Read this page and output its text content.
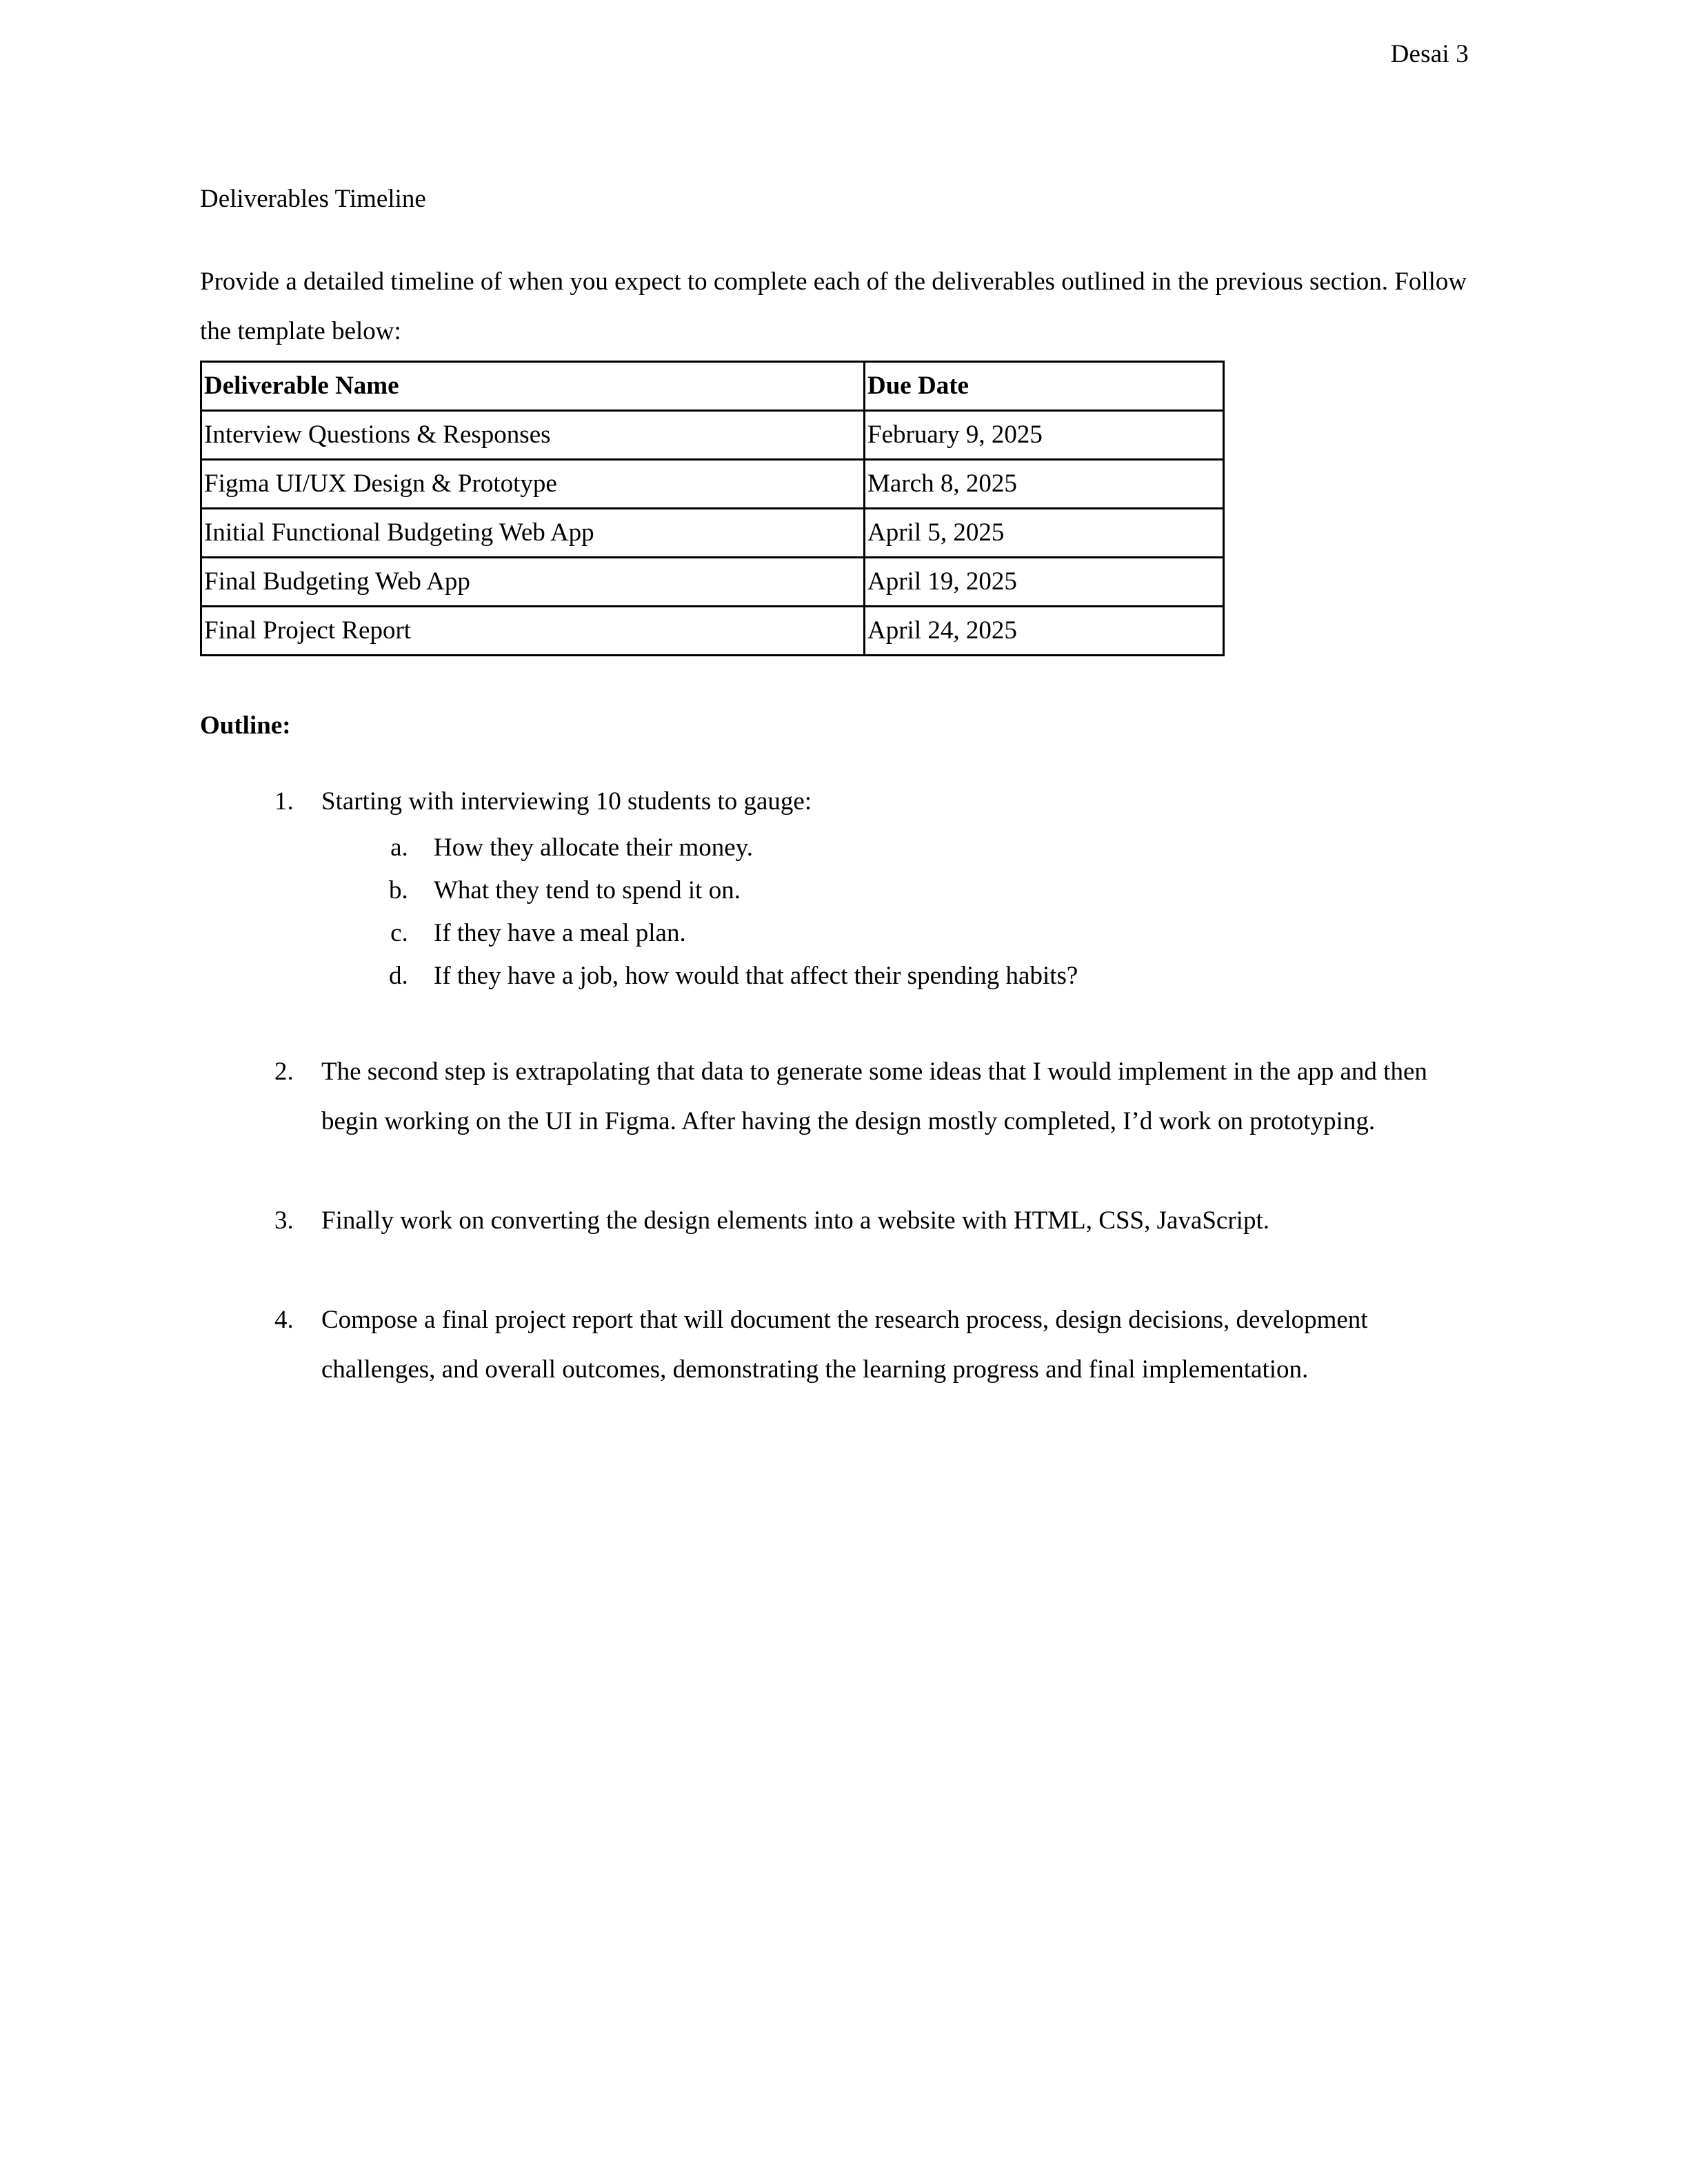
Desai 3

Deliverables Timeline

Provide a detailed timeline of when you expect to complete each of the deliverables outlined in the previous section. Follow the template below:

Deliverable Name	Due Date
Interview Questions & Responses	February 9, 2025
Figma UI/UX Design & Prototype	March 8, 2025
Initial Functional Budgeting Web App	April 5, 2025
Final Budgeting Web App	April 19, 2025
Final Project Report	April 24, 2025

Outline:

1. Starting with interviewing 10 students to gauge:
a. How they allocate their money.
b. What they tend to spend it on.
c. If they have a meal plan.
d. If they have a job, how would that affect their spending habits?
2. The second step is extrapolating that data to generate some ideas that I would implement in the app and then begin working on the UI in Figma. After having the design mostly completed, I’d work on prototyping.
3. Finally work on converting the design elements into a website with HTML, CSS, JavaScript.
4. Compose a final project report that will document the research process, design decisions, development challenges, and overall outcomes, demonstrating the learning progress and final implementation.
